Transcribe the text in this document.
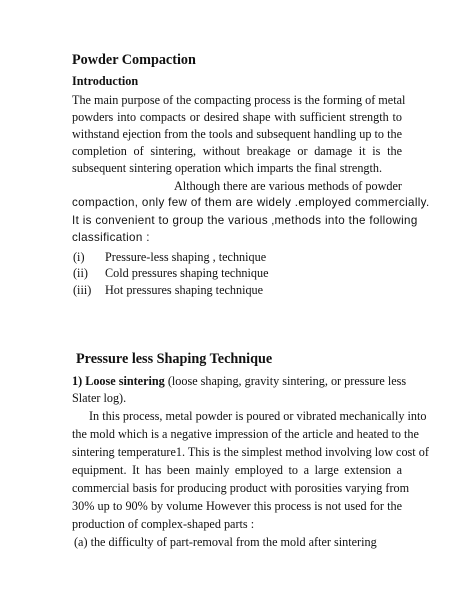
Powder Compaction
Introduction
The main purpose of the compacting process is the forming of metal
powders into compacts or desired shape with sufficient strength to
withstand ejection from the tools and subsequent handling up to the
completion of sintering, without breakage or damage it is the
subsequent sintering operation which imparts the final strength.
Although there are various methods of powder
compaction, only few of them are widely .employed commercially.
It is convenient to group the various ‚methods into the following
classification :
(i) Pressure-less shaping , technique
(ii) Cold pressures shaping technique
(iii) Hot pressures shaping technique
Pressure less Shaping Technique
1) Loose sintering (loose shaping, gravity sintering, or pressure less
Slater log).
In this process, metal powder is poured or vibrated mechanically into
the mold which is a negative impression of the article and heated to the
sintering temperature1. This is the simplest method involving low cost of
equipment. It has been mainly employed to a large extension a
commercial basis for producing product with porosities varying from
30% up to 90% by volume However this process is not used for the
production of complex-shaped parts :
(a) the difficulty of part-removal from the mold after sintering
